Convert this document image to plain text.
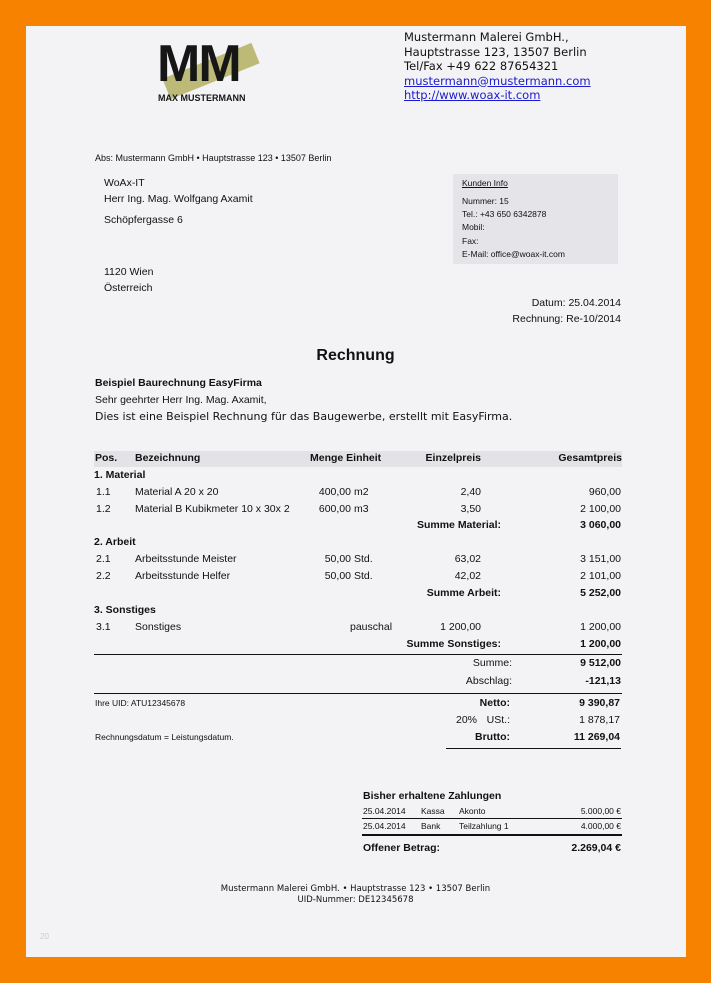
MM
MAX MUSTERMANN
Mustermann Malerei GmbH.,
Hauptstrasse 123, 13507 Berlin
Tel/Fax +49 622 87654321
mustermann@mustermann.com
http://www.woax-it.com
Abs: Mustermann GmbH • Hauptstrasse 123 • 13507 Berlin
WoAx-IT
Herr Ing. Mag. Wolfgang Axamit
Schöpfergasse 6
1120 Wien
Österreich
Kunden Info
Nummer: 15
Tel.: +43 650 6342878
Mobil:
Fax:
E-Mail: office@woax-it.com
Datum: 25.04.2014
Rechnung: Re-10/2014
Rechnung
Beispiel Baurechnung EasyFirma
Sehr geehrter Herr Ing. Mag. Axamit,
Dies ist eine Beispiel Rechnung für das Baugewerbe, erstellt mit EasyFirma.
Pos. Bezeichnung	Menge Einheit	Einzelpreis	Gesamtpreis
1. Material
1.1 Material A 20 x 20	400,00 m2	2,40	960,00
1.2 Material B Kubikmeter 10 x 30x 2	600,00 m3	3,50	2 100,00
Summe Material:	3 060,00
2. Arbeit
2.1 Arbeitsstunde Meister	50,00 Std.	63,02	3 151,00
2.2 Arbeitsstunde Helfer	50,00 Std.	42,02	2 101,00
Summe Arbeit:	5 252,00
3. Sonstiges
3.1 Sonstiges	pauschal	1 200,00	1 200,00
Summe Sonstiges:	1 200,00
Summe:	9 512,00
Abschlag:	-121,13
Netto:	9 390,87
20% USt.:	1 878,17
Brutto:	11 269,04
Ihre UID: ATU12345678
Rechnungsdatum = Leistungsdatum.
Bisher erhaltene Zahlungen
25.04.2014 Kassa Akonto	5.000,00 €
25.04.2014 Bank Teilzahlung 1	4.000,00 €
Offener Betrag:	2.269,04 €
Mustermann Malerei GmbH. • Hauptstrasse 123 • 13507 Berlin
UID-Nummer: DE12345678
20
